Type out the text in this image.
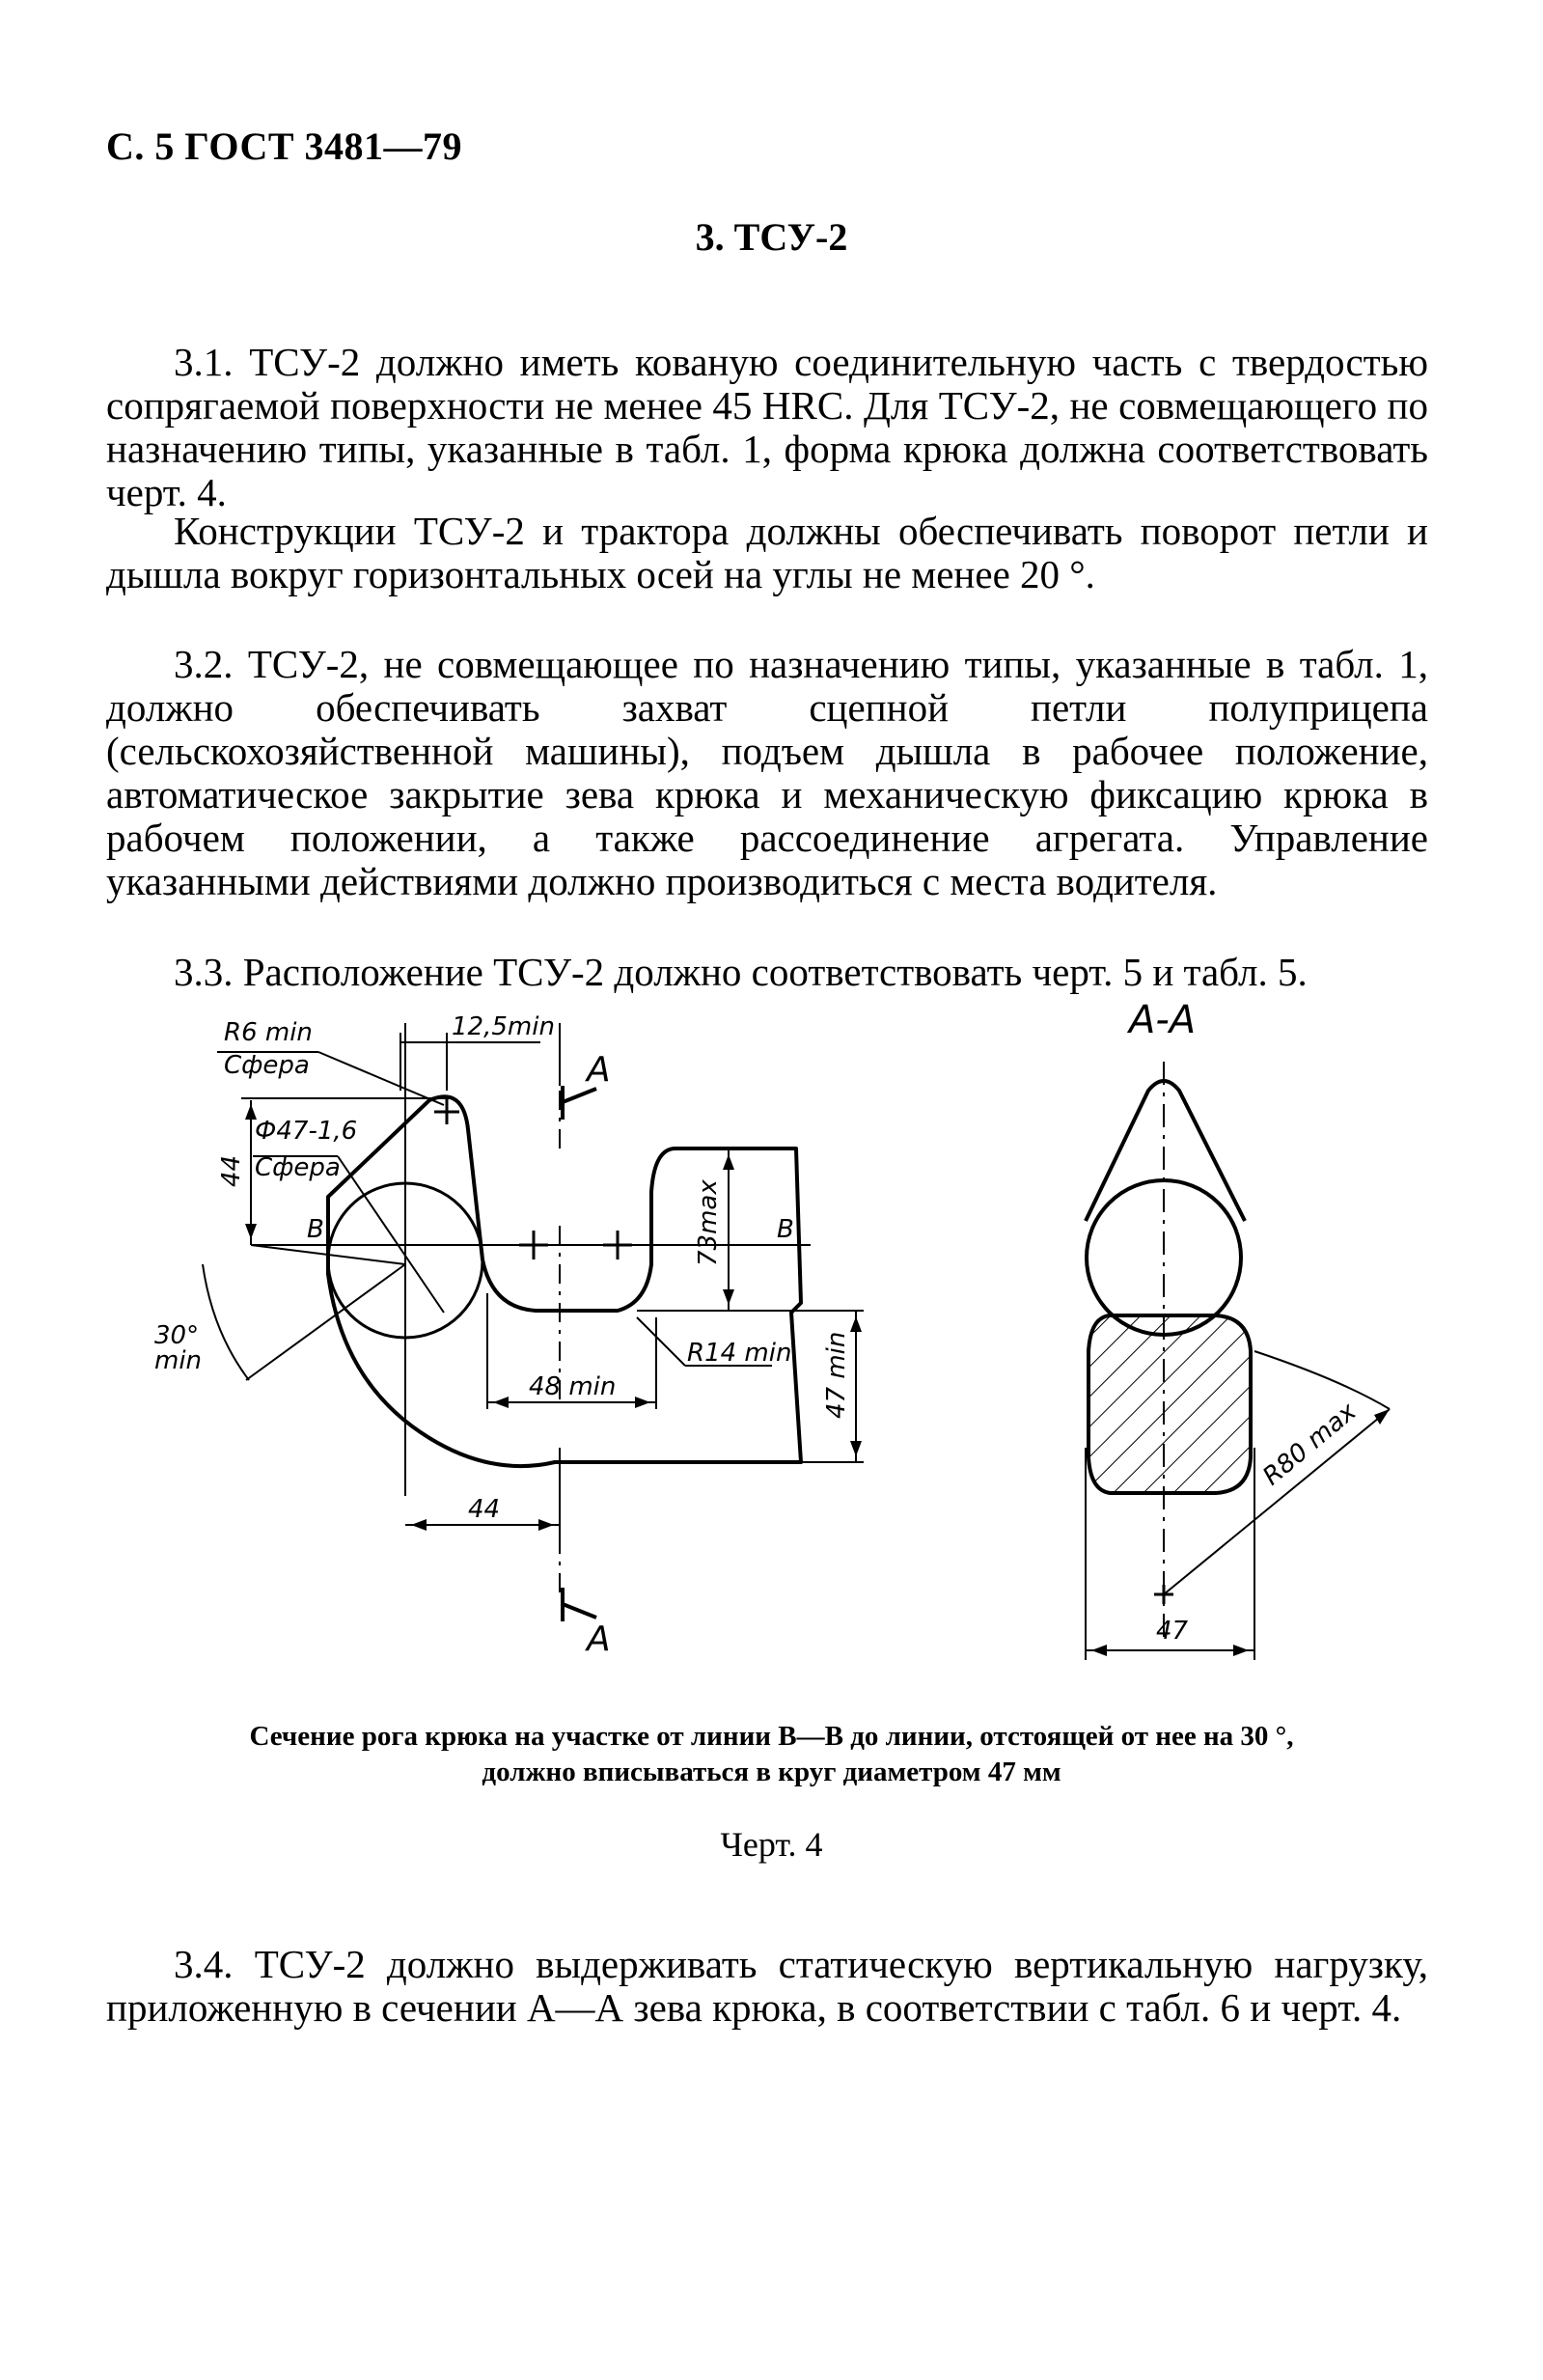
С. 5 ГОСТ 3481—79
3. ТСУ-2

3.1. ТСУ-2 должно иметь кованую соединительную часть с твердостью сопрягаемой поверхности не менее 45 HRC. Для ТСУ-2, не совмещающего по назначению типы, указанные в табл. 1, форма крюка должна соответствовать черт. 4.

Конструкции ТСУ-2 и трактора должны обеспечивать поворот петли и дышла вокруг горизонтальных осей на углы не менее 20 °.

3.2. ТСУ-2, не совмещающее по назначению типы, указанные в табл. 1, должно обеспечивать захват сцепной петли полуприцепа (сельскохозяйственной машины), подъем дышла в рабочее положение, автоматическое закрытие зева крюка и механическую фиксацию крюка в рабочем положении, а также рассоединение агрегата. Управление указанными действиями должно производиться с места водителя.

3.3. Расположение ТСУ-2 должно соответствовать черт. 5 и табл. 5.

R6 min
Сфера
12,5min
Ф47-1,6
Сфера
44
В	В
73max
R14 min
48 min
30°
min	47 min
44
А
А
А-А
R80 max
47
Сечение рога крюка на участке от линии В—В до линии, отстоящей от нее на 30 °,
должно вписываться в круг диаметром 47 мм
Черт. 4

3.4. ТСУ-2 должно выдерживать статическую вертикальную нагрузку, приложенную в сечении А—А зева крюка, в соответствии с табл. 6 и черт. 4.
